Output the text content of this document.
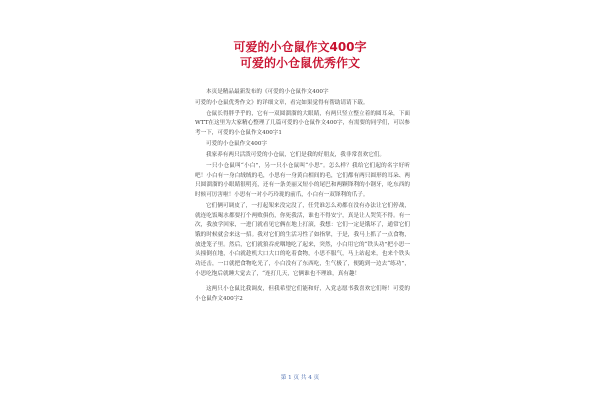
可爱的小仓鼠作文400字
可爱的小仓鼠优秀作文

本页是精品最新发布的《可爱的小仓鼠作文400字

可爱的小仓鼠优秀作文》的详细文章，看完如果觉得有帮助请请下载。

仓鼠长得胖乎乎的，它有一双圆溜溜的大眼睛，有两只竖立整立着的圆耳朵，下面WTT在这里为大家精心整理了几篇可爱的小仓鼠作文400字，有需要的同学们，可以参考一下，可爱的小仓鼠作文400字1

可爱的小仓鼠作文400字

我家养有两只活泼可爱的小仓鼠，它们是我的好朋友，我非常喜欢它们。

一只小仓鼠叫“小白”，另一只小仓鼠叫“小思”。怎么样？我给它们起的名字好听吧！小白有一身白绒绒的毛，小思有一身黄白相间的毛，它们都有两只圆形的耳朵、两只圆溜溜的小眼睛很明亮，还有一条美丽又短小的尾巴和两颗锋利的小钢牙，吃东西的时候可厉害啦！小思有一对小巧玲珑的前爪，小白有一双锋利的爪子。

它们俩可调皮了，一打起架来没完没了，任凭谁怎么劝都在没有办法让它们停战，就连吃饭喝水都要打个两败俱伤，你死我活，谁也不得安宁，真是让人哭笑不得。有一次，我放学回家，一进门就看见它俩在地上打滚，我想：它们一定是饿坏了，通常它们饿的时候就会来这一招。我对它们的生活习性了如指掌，于是，我马上抓了一点食物，放进笼子里。然后，它们就狼吞虎咽地吃了起来，突然，小白用它的“铁头功”把小思一头撞倒在地，小白就趁机大口大口的吃着食物，小思不服气，马上站起来，也来个铁头功还击，一口就把食物吃光了，小白没有了东西吃，生气极了，便跑到一边去“练功”，小思吃饱后就睡大觉去了，“连打几天，它俩谁也不理谁，真有趣！

这两只小仓鼠比我调皮，但我希望它们能和好，入党志愿书我喜欢它们呀！可爱的小仓鼠作文400字2

第 1 页 共 4 页
